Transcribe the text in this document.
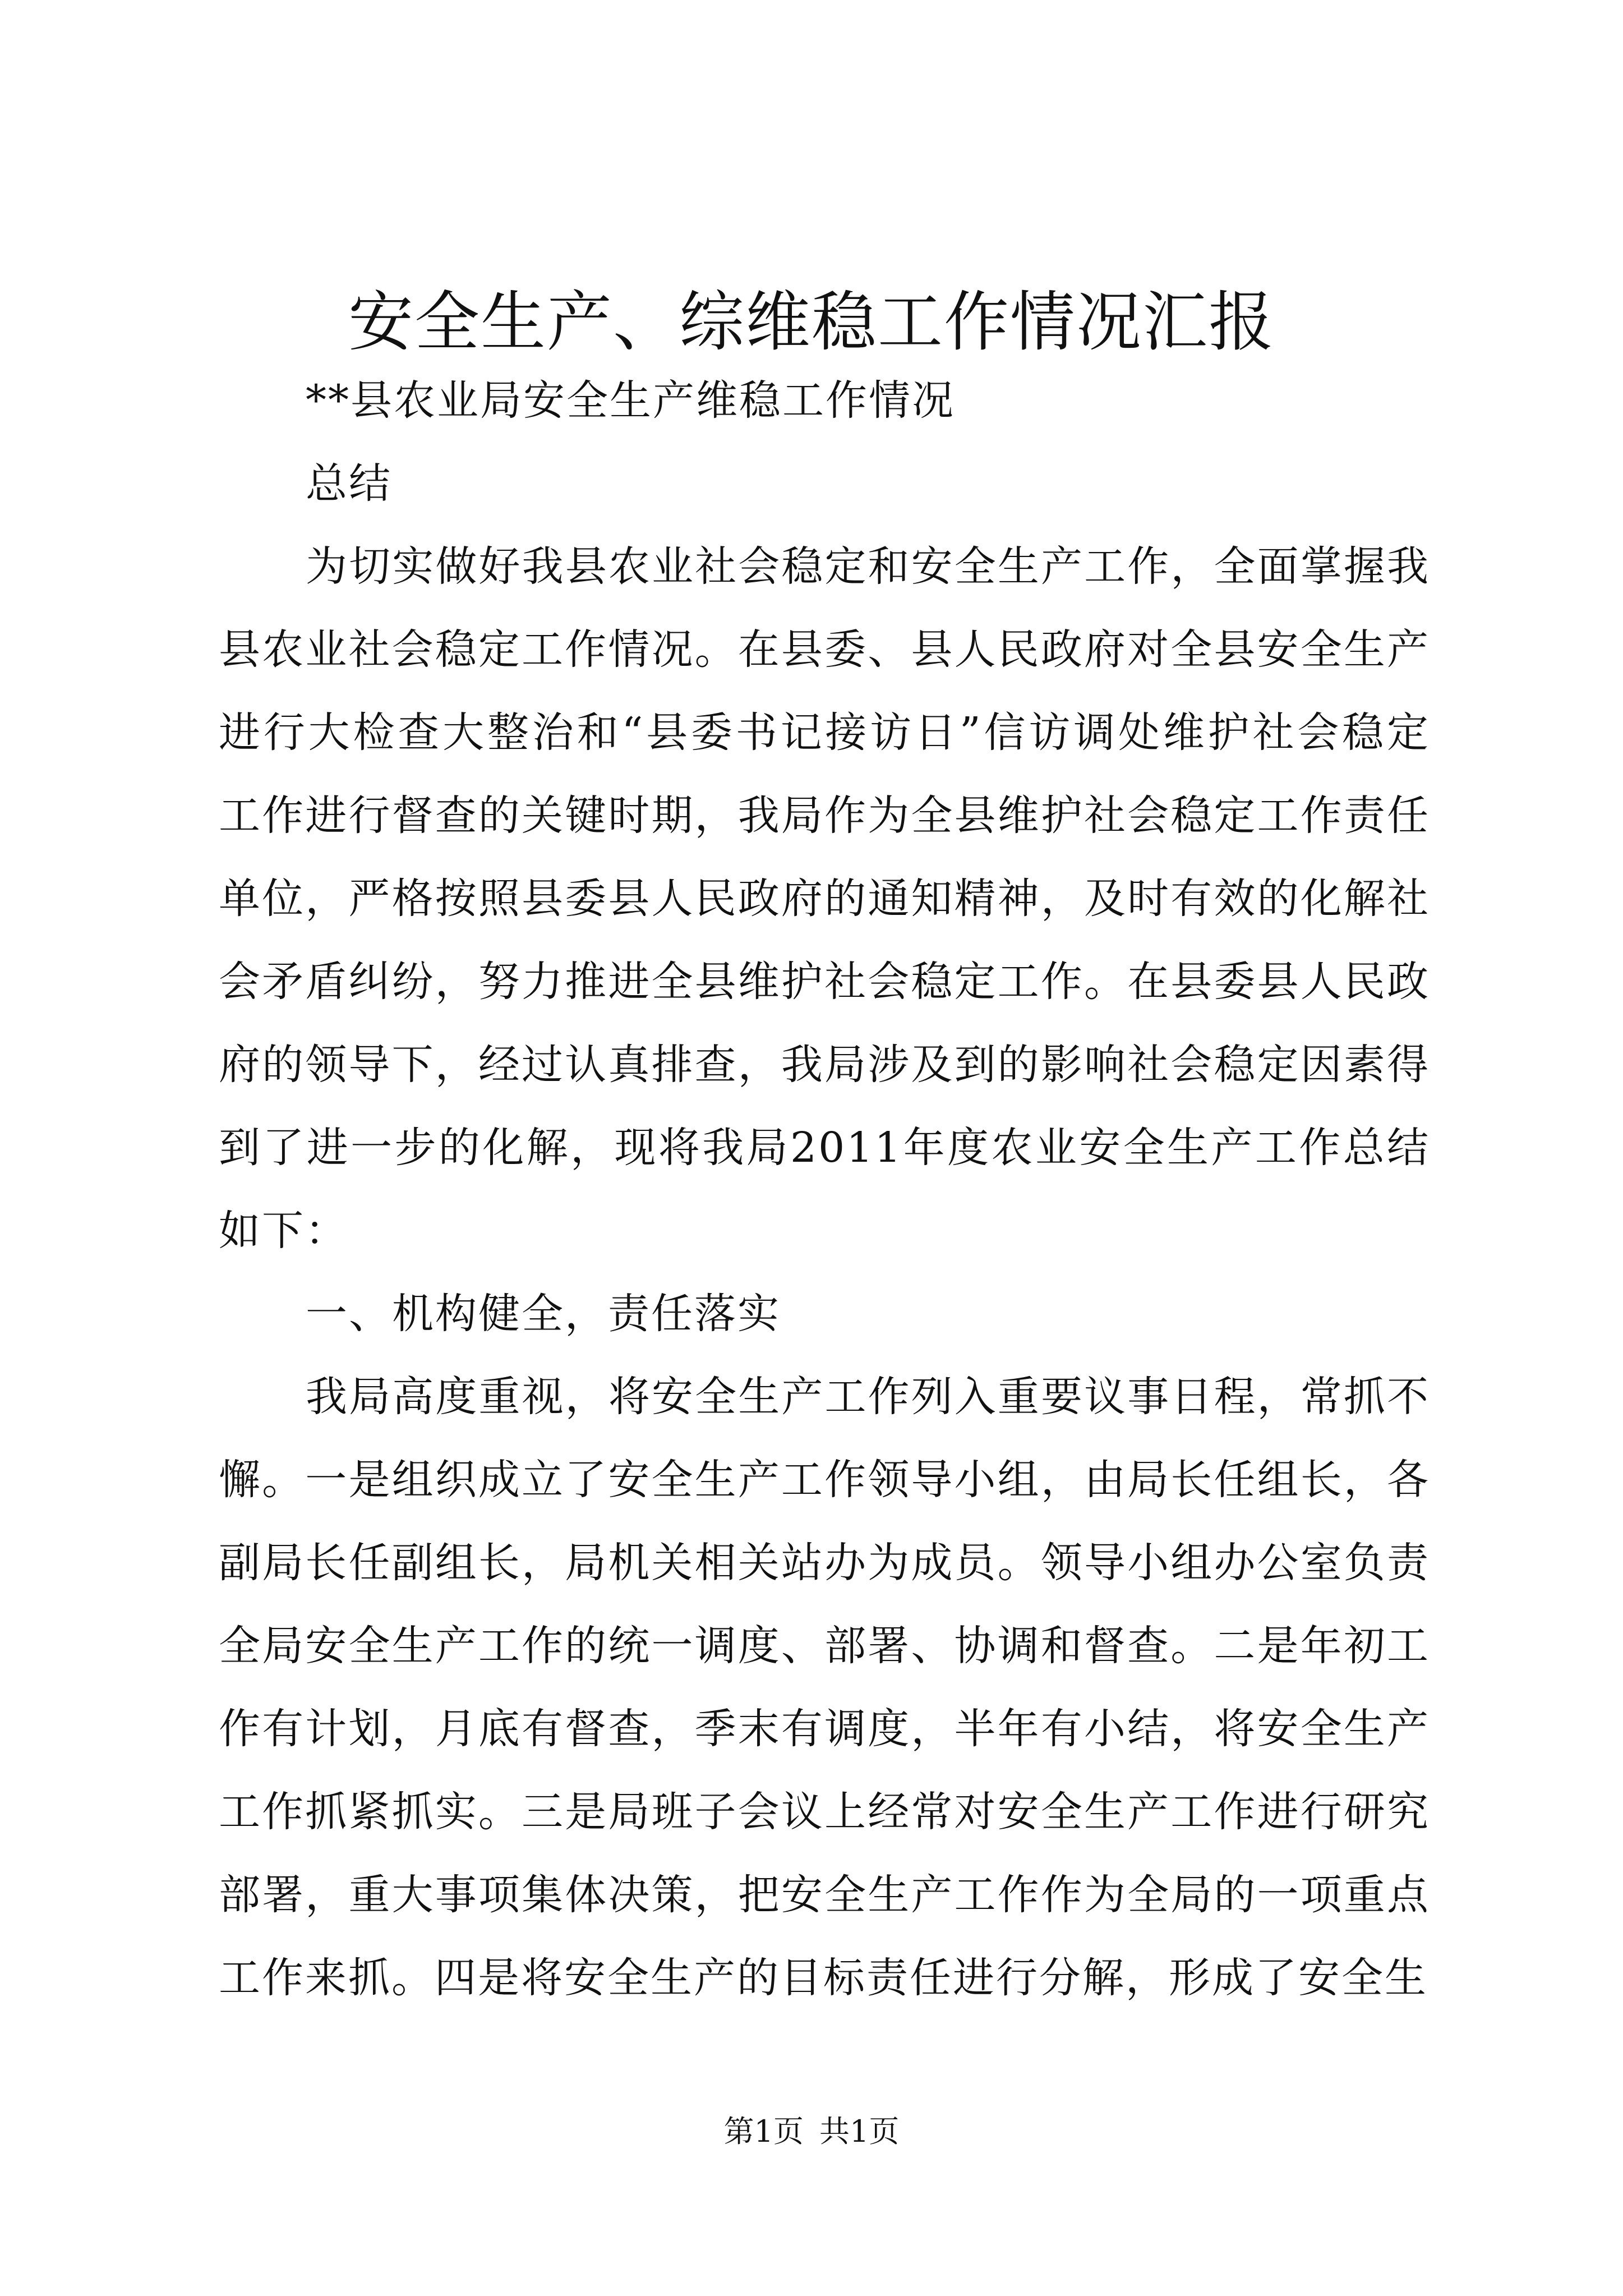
安全生产、综维稳工作情况汇报

**县农业局安全生产维稳工作情况

总结

为切实做好我县农业社会稳定和安全生产工作，全面掌握我县农业社会稳定工作情况。在县委、县人民政府对全县安全生产进行大检查大整治和“县委书记接访日”信访调处维护社会稳定工作进行督查的关键时期，我局作为全县维护社会稳定工作责任单位，严格按照县委县人民政府的通知精神，及时有效的化解社会矛盾纠纷，努力推进全县维护社会稳定工作。在县委县人民政府的领导下，经过认真排查，我局涉及到的影响社会稳定因素得到了进一步的化解，现将我局2011年度农业安全生产工作总结如下：

一、机构健全，责任落实

我局高度重视，将安全生产工作列入重要议事日程，常抓不懈。一是组织成立了安全生产工作领导小组，由局长任组长，各副局长任副组长，局机关相关站办为成员。领导小组办公室负责全局安全生产工作的统一调度、部署、协调和督查。二是年初工作有计划，月底有督查，季末有调度，半年有小结，将安全生产工作抓紧抓实。三是局班子会议上经常对安全生产工作进行研究部署，重大事项集体决策，把安全生产工作作为全局的一项重点工作来抓。四是将安全生产的目标责任进行分解，形成了安全生

第1页 共1页
